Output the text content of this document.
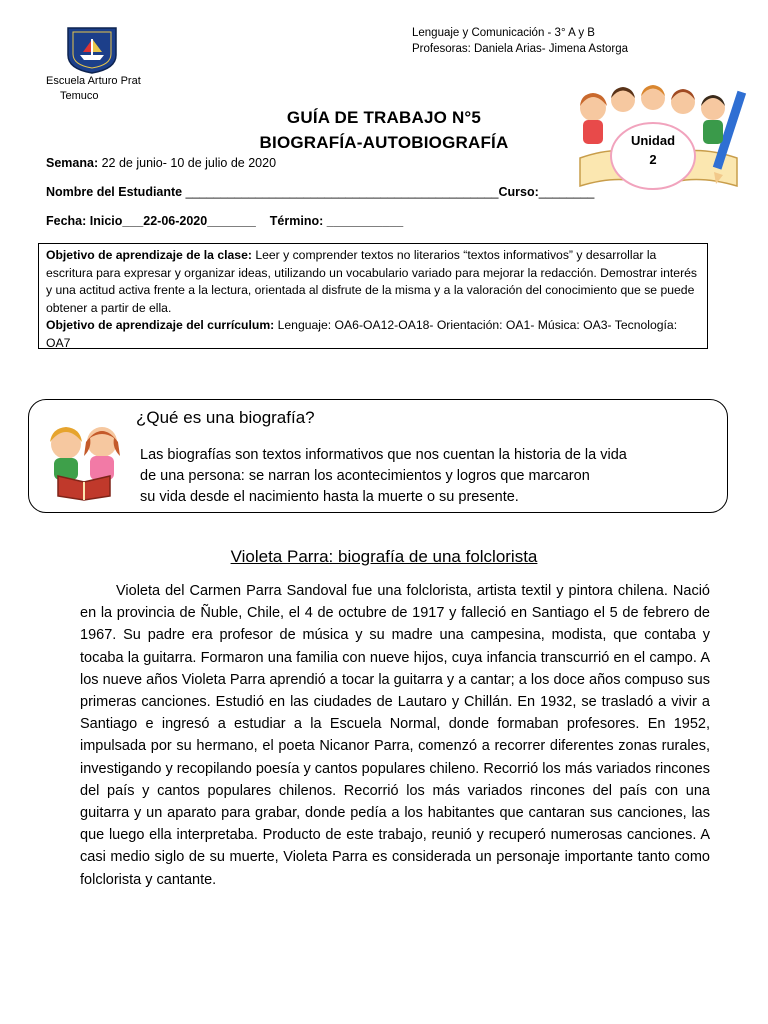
Escuela Arturo Prat
Temuco
Lenguaje y Comunicación - 3° A y B
Profesoras: Daniela Arias- Jimena Astorga
Unidad
2
GUÍA DE TRABAJO N°5
BIOGRAFÍA-AUTOBIOGRAFÍA
Semana: 22 de junio- 10 de julio de 2020
Nombre del Estudiante _____________________________________________Curso:________
Fecha: Inicio___22-06-2020_______ Término: ___________

Objetivo de aprendizaje de la clase: Leer y comprender textos no literarios “textos informativos” y desarrollar la escritura para expresar y organizar ideas, utilizando un vocabulario variado para mejorar la redacción. Demostrar interés y una actitud activa frente a la lectura, orientada al disfrute de la misma y a la valoración del conocimiento que se puede obtener a partir de ella.

Objetivo de aprendizaje del currículum: Lenguaje: OA6-OA12-OA18- Orientación: OA1- Música: OA3- Tecnología: OA7

¿Qué es una biografía?
Las biografías son textos informativos que nos cuentan la historia de la vida
de una persona: se narran los acontecimientos y logros que marcaron
su vida desde el nacimiento hasta la muerte o su presente.
Violeta Parra: biografía de una folclorista
Violeta del Carmen Parra Sandoval fue una folclorista, artista textil y pintora chilena. Nació en la provincia de Ñuble, Chile, el 4 de octubre de 1917 y falleció en Santiago el 5 de febrero de 1967. Su padre era profesor de música y su madre una campesina, modista, que contaba y tocaba la guitarra. Formaron una familia con nueve hijos, cuya infancia transcurrió en el campo. A los nueve años Violeta Parra aprendió a tocar la guitarra y a cantar; a los doce años compuso sus primeras canciones. Estudió en las ciudades de Lautaro y Chillán. En 1932, se trasladó a vivir a Santiago e ingresó a estudiar a la Escuela Normal, donde formaban profesores. En 1952, impulsada por su hermano, el poeta Nicanor Parra, comenzó a recorrer diferentes zonas rurales, investigando y recopilando poesía y cantos populares chileno. Recorrió los más variados rincones del país y cantos populares chilenos. Recorrió los más variados rincones del país con una guitarra y un aparato para grabar, donde pedía a los habitantes que cantaran sus canciones, las que luego ella interpretaba. Producto de este trabajo, reunió y recuperó numerosas canciones. A casi medio siglo de su muerte, Violeta Parra es considerada un personaje importante tanto como folclorista y cantante.
